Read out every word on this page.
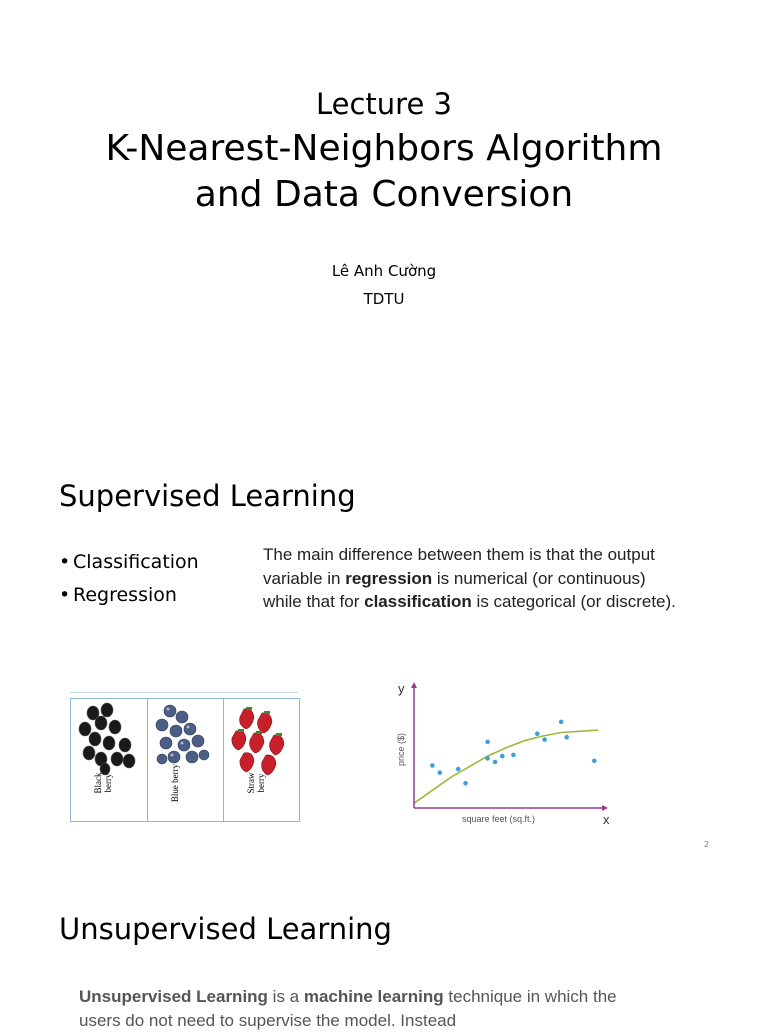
Lecture 3
K-Nearest-Neighbors Algorithm
and Data Conversion
Lê Anh Cường
TDTU
Supervised Learning
• Classification
• Regression
The main difference between them is that the output variable in regression is numerical (or continuous) while that for classification is categorical (or discrete).
Black berry	Blue berry	Straw berry
y
x
square feet (sq.ft.)
price ($)
2
Unsupervised Learning
Unsupervised Learning is a machine learning technique in which the users do not need to supervise the model. Instead
